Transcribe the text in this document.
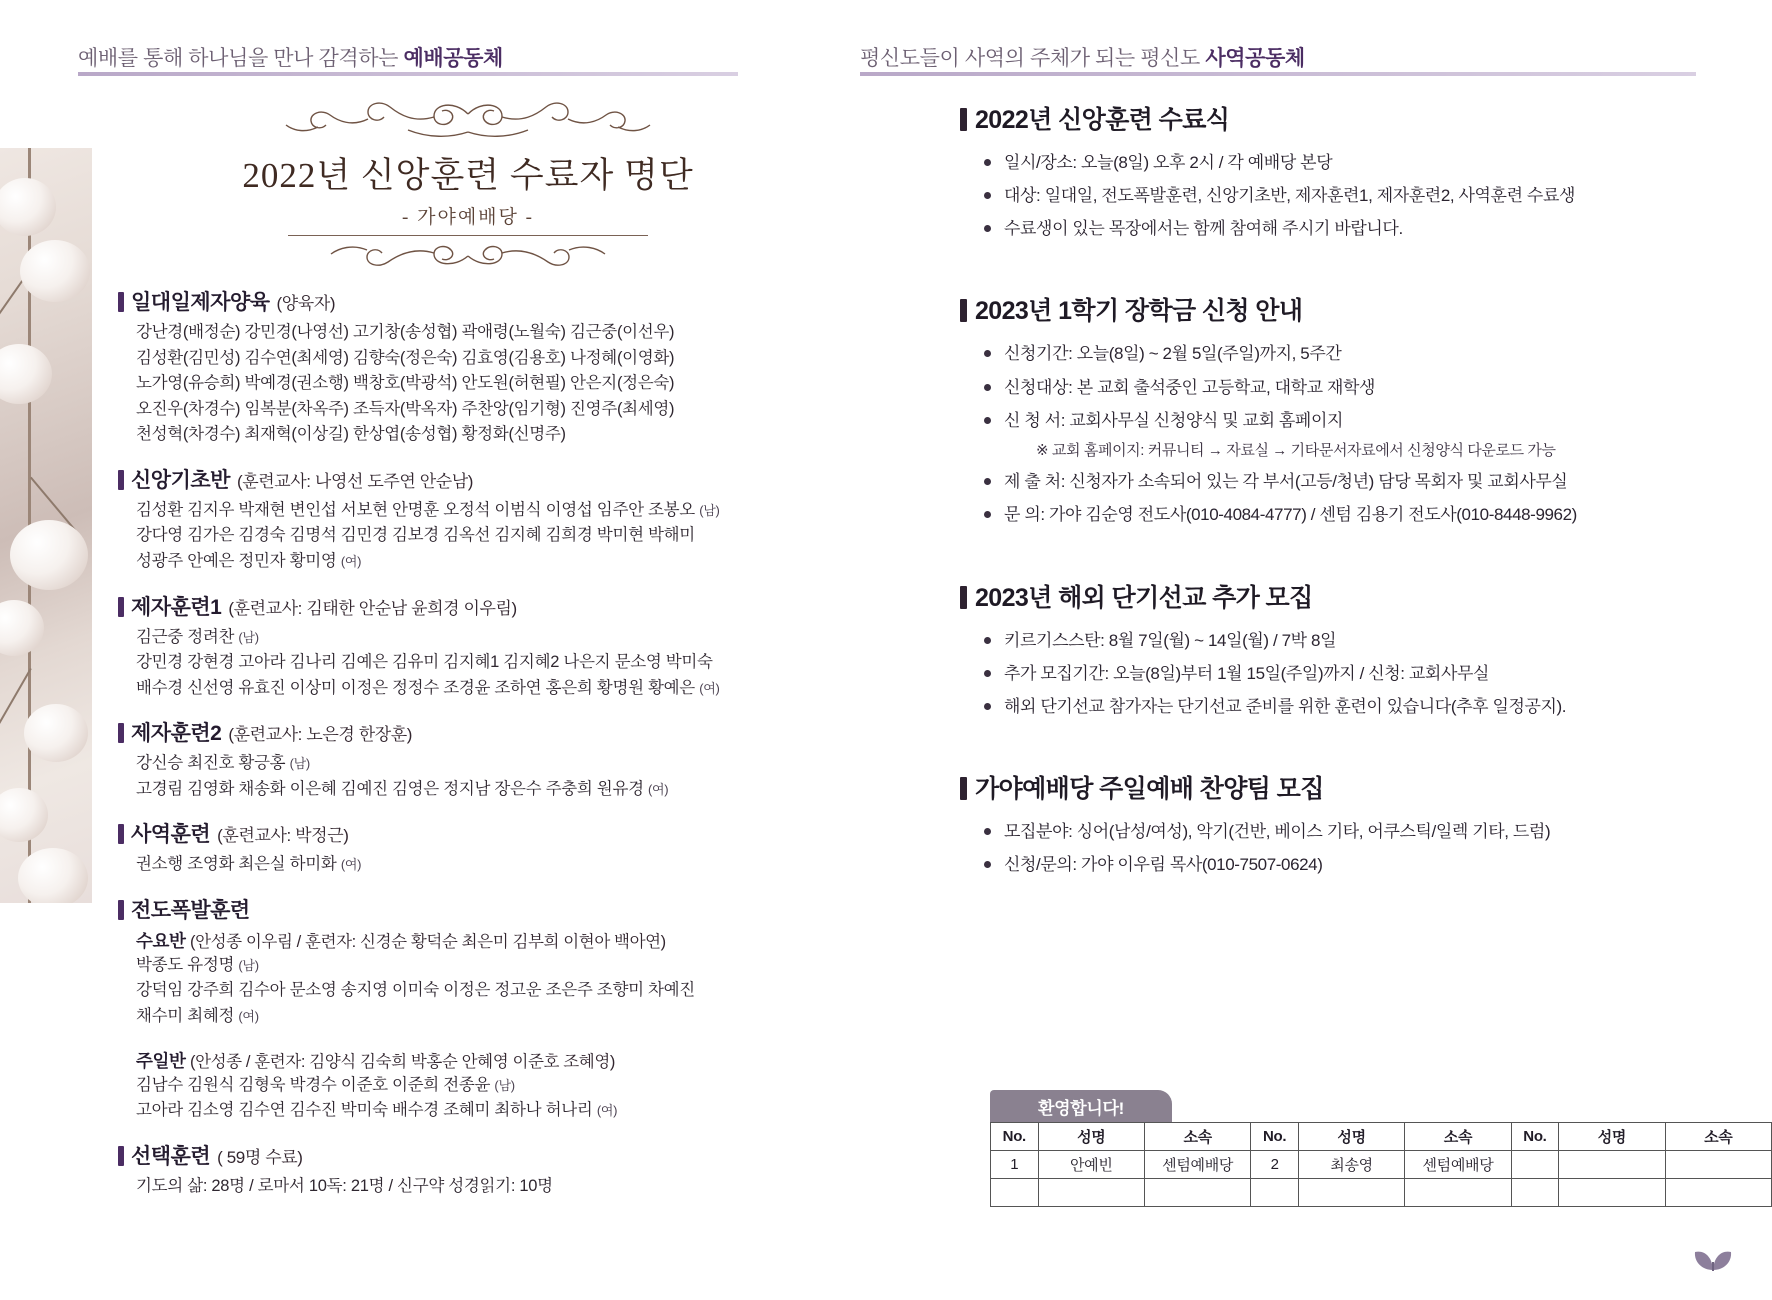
예배를 통해 하나님을 만나 감격하는 예배공동체	평신도들이 사역의 주체가 되는 평신도 사역공동체
2022년 신앙훈련 수료자 명단
- 가야예배당 -
일대일제자양육 (양육자)
강난경(배정순) 강민경(나영선) 고기창(송성협) 곽애령(노월숙) 김근중(이선우)
김성환(김민성) 김수연(최세영) 김향숙(정은숙) 김효영(김용호) 나정혜(이영화)
노가영(유승희) 박예경(권소행) 백창호(박광석) 안도원(허현필) 안은지(정은숙)
오진우(차경수) 임복분(차옥주) 조득자(박옥자) 주찬앙(임기형) 진영주(최세영)
천성혁(차경수) 최재혁(이상길) 한상엽(송성협) 황정화(신명주)
신앙기초반 (훈련교사: 나영선 도주연 안순남)
김성환 김지우 박재현 변인섭 서보현 안명훈 오정석 이범식 이영섭 임주안 조봉오 (남)
강다영 김가은 김경숙 김명석 김민경 김보경 김옥선 김지혜 김희경 박미현 박해미
성광주 안예은 정민자 황미영 (여)
제자훈련1 (훈련교사: 김태한 안순남 윤희경 이우림)
김근중 정려찬 (남)
강민경 강현경 고아라 김나리 김예은 김유미 김지혜1 김지혜2 나은지 문소영 박미숙
배수경 신선영 유효진 이상미 이정은 정정수 조경윤 조하연 홍은희 황명원 황예은 (여)
제자훈련2 (훈련교사: 노은경 한장훈)
강신승 최진호 황긍홍 (남)
고경림 김영화 채송화 이은혜 김예진 김영은 정지남 장은수 주충희 원유경 (여)
사역훈련 (훈련교사: 박정근)
권소행 조영화 최은실 하미화 (여)
전도폭발훈련
수요반 (안성종 이우림 / 훈련자: 신경순 황덕순 최은미 김부희 이현아 백아연)
박종도 유정명 (남)
강덕임 강주희 김수아 문소영 송지영 이미숙 이정은 정고운 조은주 조향미 차예진
채수미 최혜정 (여)
주일반 (안성종 / 훈련자: 김양식 김숙희 박홍순 안혜영 이준호 조혜영)
김남수 김원식 김형욱 박경수 이준호 이준희 전종윤 (남)
고아라 김소영 김수연 김수진 박미숙 배수경 조혜미 최하나 허나리 (여)
선택훈련 ( 59명 수료)
기도의 삶: 28명 / 로마서 10독: 21명 / 신구약 성경읽기: 10명
2022년 신앙훈련 수료식
일시/장소: 오늘(8일) 오후 2시 / 각 예배당 본당
대상: 일대일, 전도폭발훈련, 신앙기초반, 제자훈련1, 제자훈련2, 사역훈련 수료생
수료생이 있는 목장에서는 함께 참여해 주시기 바랍니다.
2023년 1학기 장학금 신청 안내
신청기간: 오늘(8일) ~ 2월 5일(주일)까지, 5주간
신청대상: 본 교회 출석중인 고등학교, 대학교 재학생
신 청 서: 교회사무실 신청양식 및 교회 홈페이지
※ 교회 홈페이지: 커뮤니티 → 자료실 → 기타문서자료에서 신청양식 다운로드 가능
제 출 처: 신청자가 소속되어 있는 각 부서(고등/청년) 담당 목회자 및 교회사무실
문 의: 가야 김순영 전도사(010-4084-4777) / 센텀 김용기 전도사(010-8448-9962)
2023년 해외 단기선교 추가 모집
키르기스스탄: 8월 7일(월) ~ 14일(월) / 7박 8일
추가 모집기간: 오늘(8일)부터 1월 15일(주일)까지 / 신청: 교회사무실
해외 단기선교 참가자는 단기선교 준비를 위한 훈련이 있습니다(추후 일정공지).
가야예배당 주일예배 찬양팀 모집
모집분야: 싱어(남성/여성), 악기(건반, 베이스 기타, 어쿠스틱/일렉 기타, 드럼)
신청/문의: 가야 이우림 목사(010-7507-0624)
환영합니다!
No.	성명	소속	No.	성명	소속	No.	성명	소속
1	안예빈	센텀예배당	2	최송영	센텀예배당			
